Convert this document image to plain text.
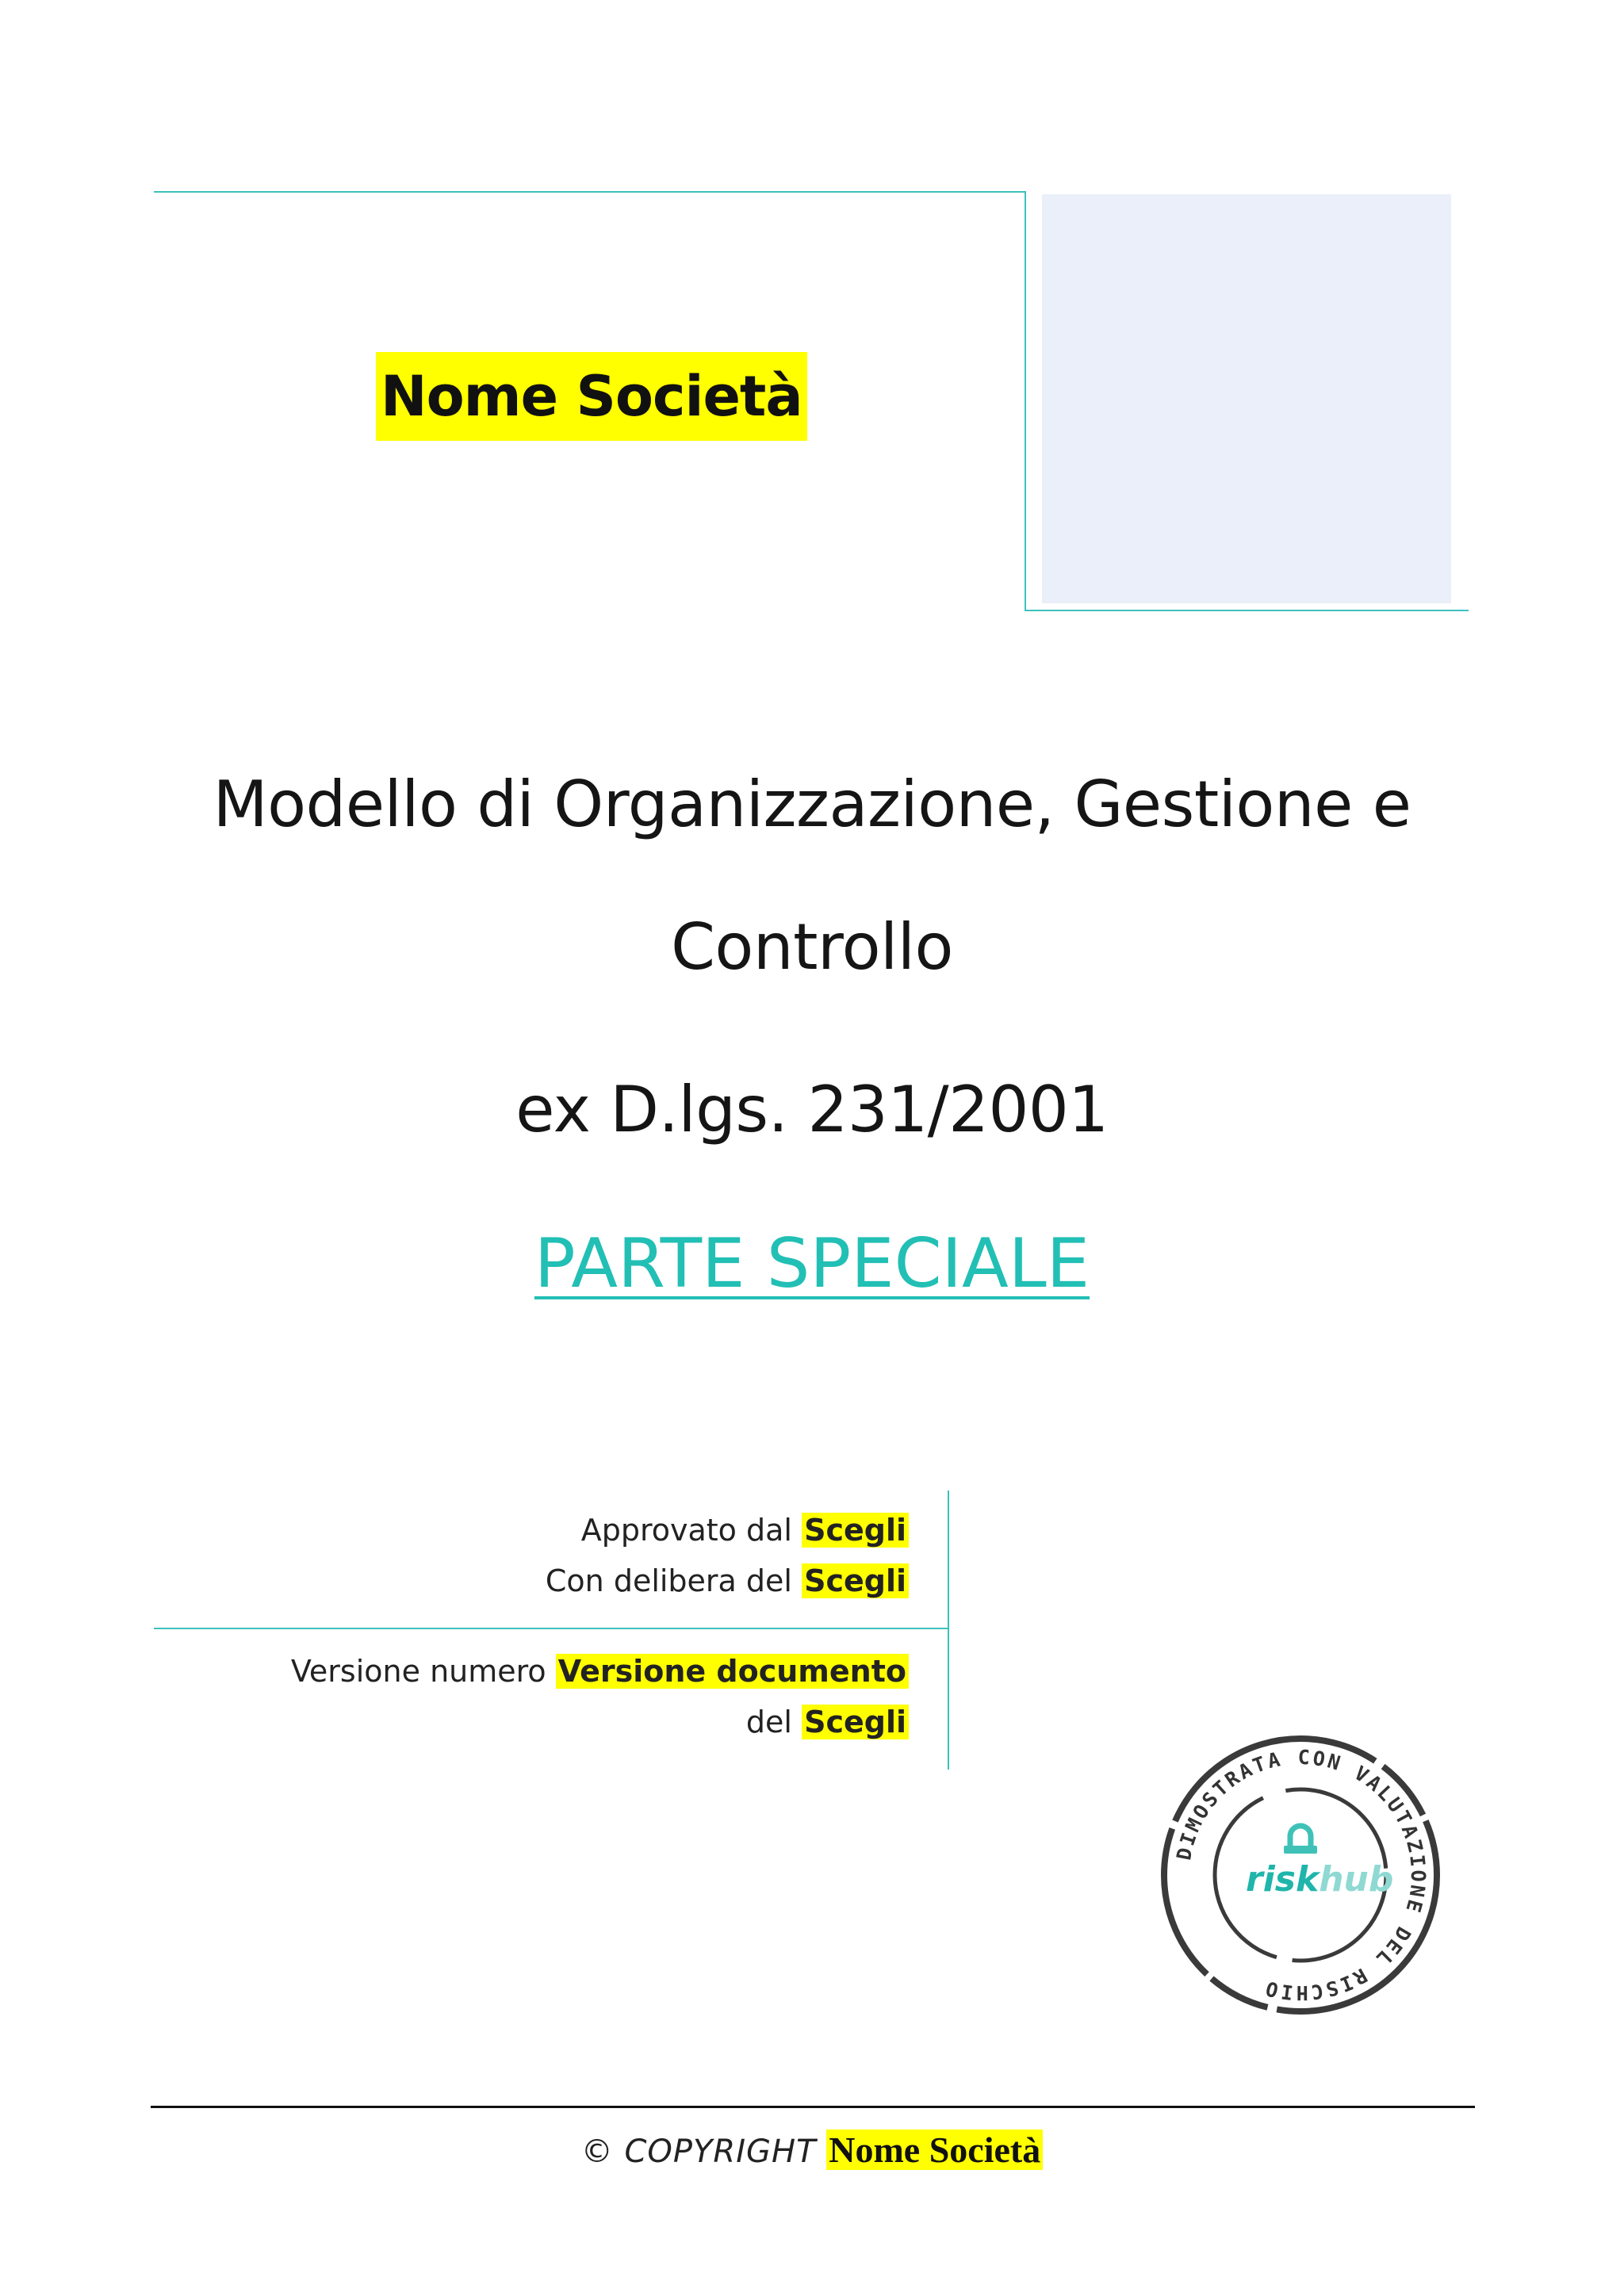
Nome Società
Modello di Organizzazione, Gestione e
Controllo
ex D.lgs. 231/2001
PARTE SPECIALE
Approvato dal Scegli
Con delibera del Scegli
Versione numero Versione documento
del Scegli
DIMOSTRATA CON VALUTAZIONE DEL RISCHIO
riskhub
© COPYRIGHT Nome Società
